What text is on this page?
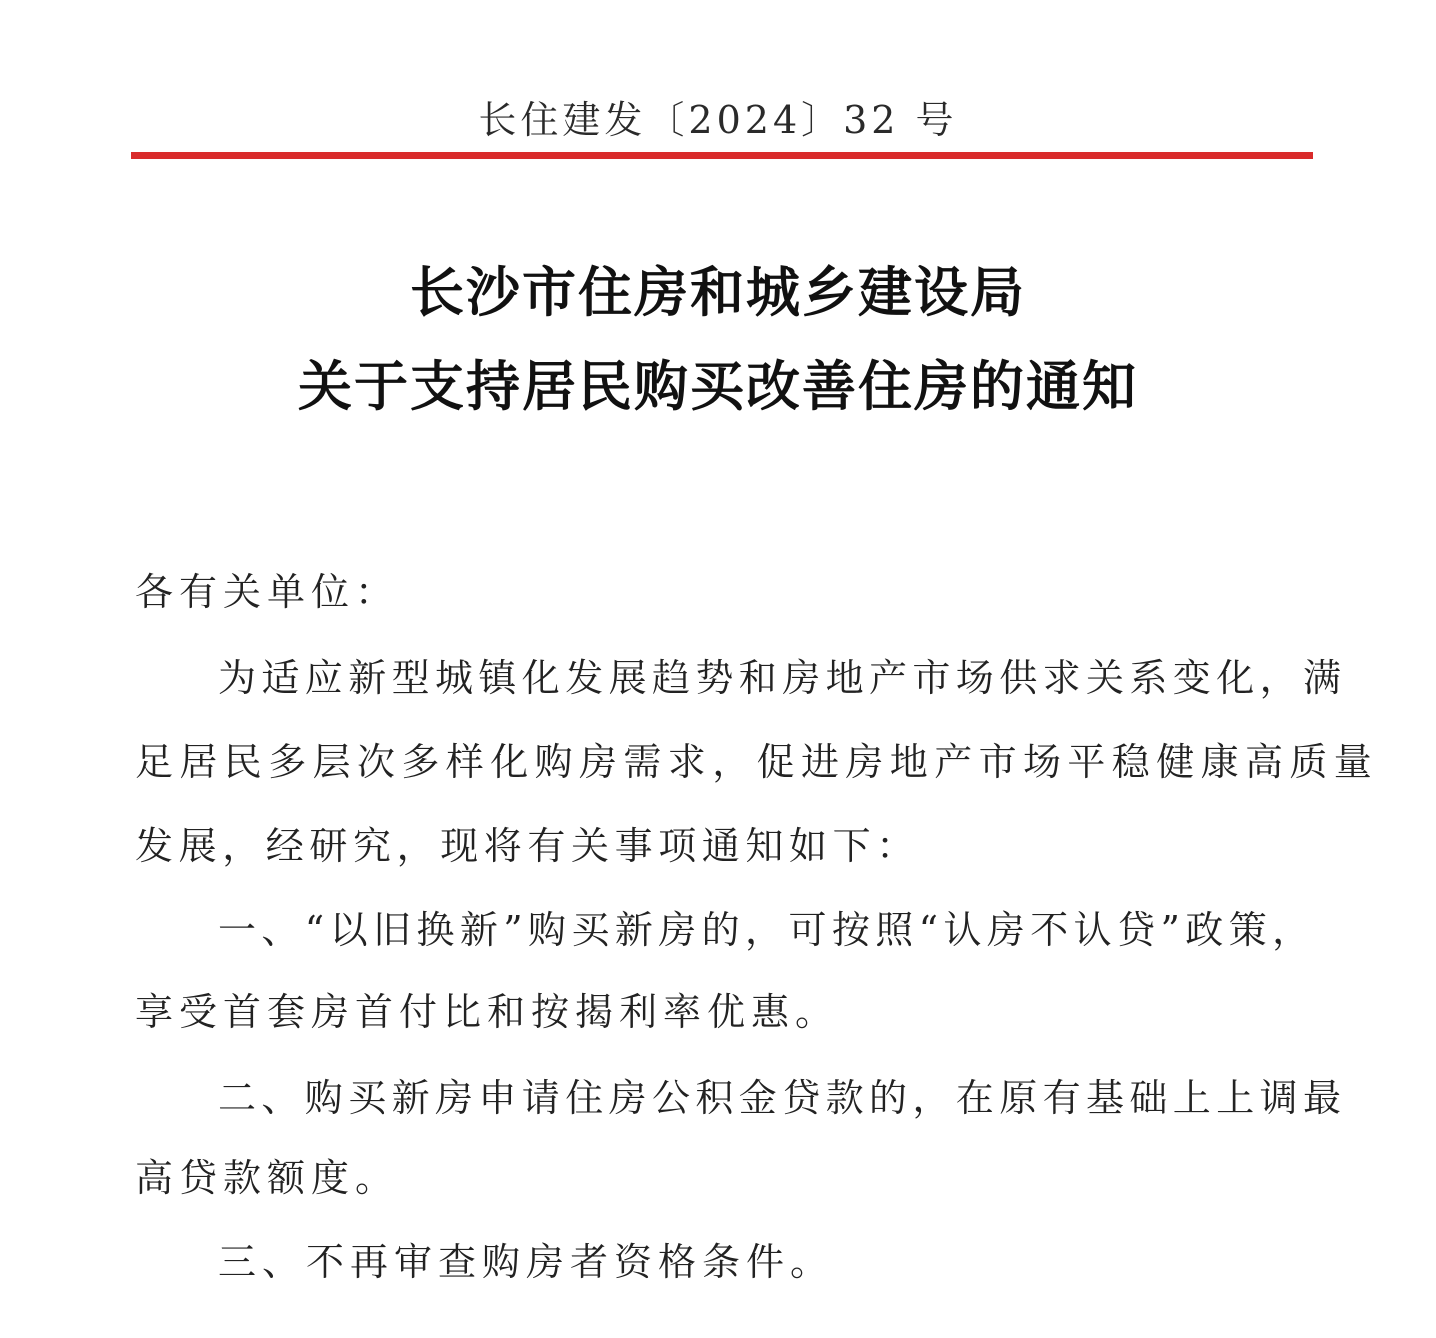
长住建发〔2024〕32 号
长沙市住房和城乡建设局
关于支持居民购买改善住房的通知
各有关单位：
为适应新型城镇化发展趋势和房地产市场供求关系变化，满
足居民多层次多样化购房需求，促进房地产市场平稳健康高质量
发展，经研究，现将有关事项通知如下：
一、“以旧换新”购买新房的，可按照“认房不认贷”政策，
享受首套房首付比和按揭利率优惠。
二、购买新房申请住房公积金贷款的，在原有基础上上调最
高贷款额度。
三、不再审查购房者资格条件。
